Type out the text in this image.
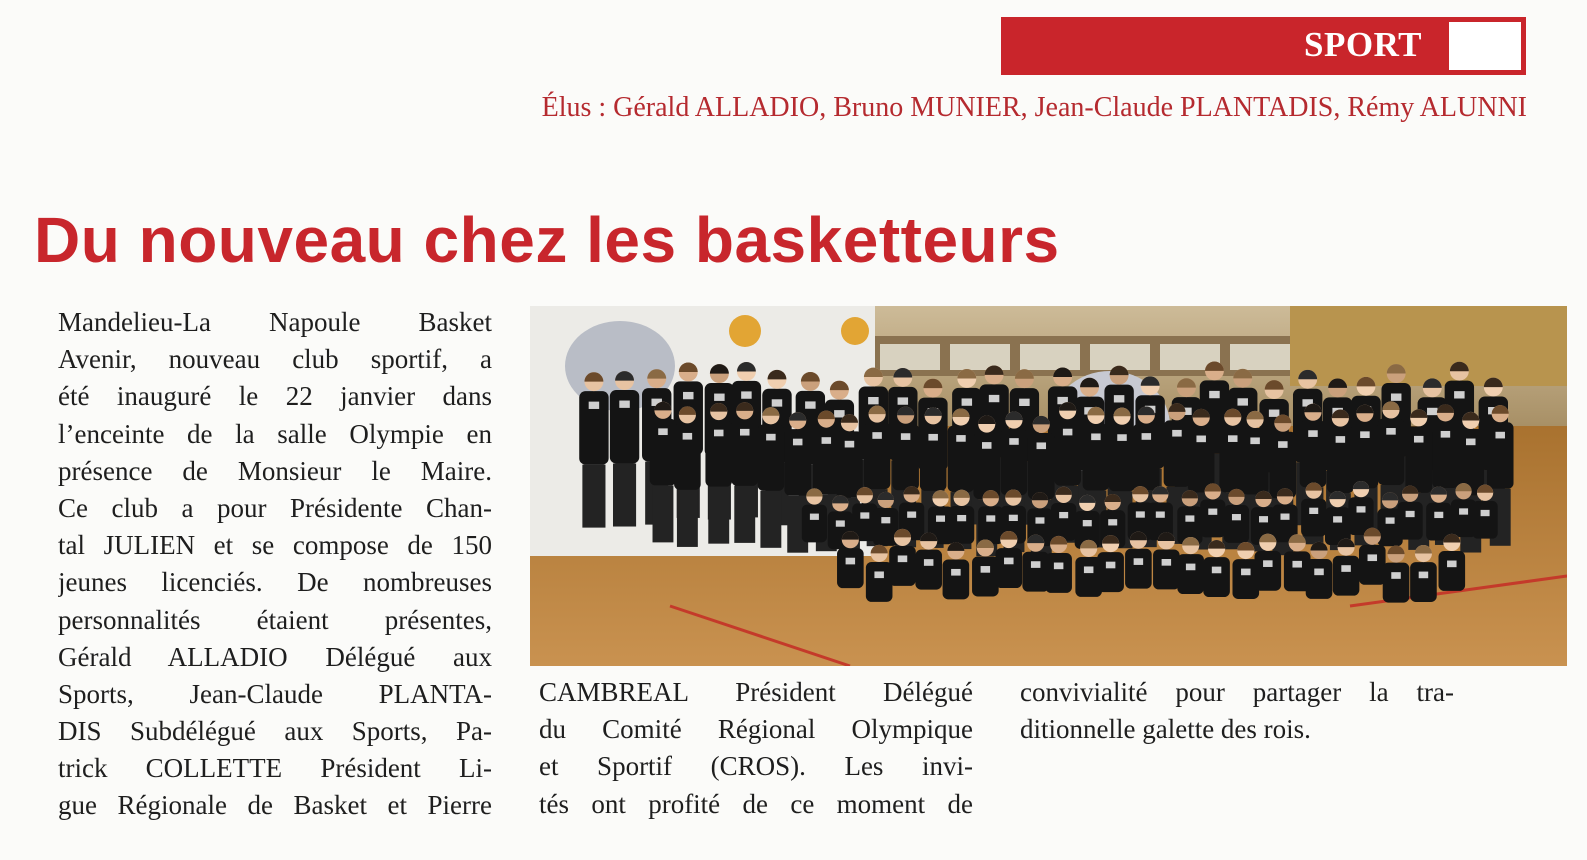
SPORT
Élus : Gérald ALLADIO, Bruno MUNIER, Jean-Claude PLANTADIS, Rémy ALUNNI
Du nouveau chez les basketteurs
Mandelieu-La Napoule Basket
Avenir, nouveau club sportif, a
été inauguré le 22 janvier dans
l’enceinte de la salle Olympie en
présence de Monsieur le Maire.
Ce club a pour Présidente Chan-
tal JULIEN et se compose de 150
jeunes licenciés. De nombreuses
personnalités étaient présentes,
Gérald ALLADIO Délégué aux
Sports, Jean-Claude PLANTA-
DIS Subdélégué aux Sports, Pa-
trick COLLETTE Président Li-
gue Régionale de Basket et Pierre
CAMBREAL Président Délégué
du Comité Régional Olympique
et Sportif (CROS). Les invi-
tés ont profité de ce moment de
convivialité pour partager la tra-
ditionnelle galette des rois.
